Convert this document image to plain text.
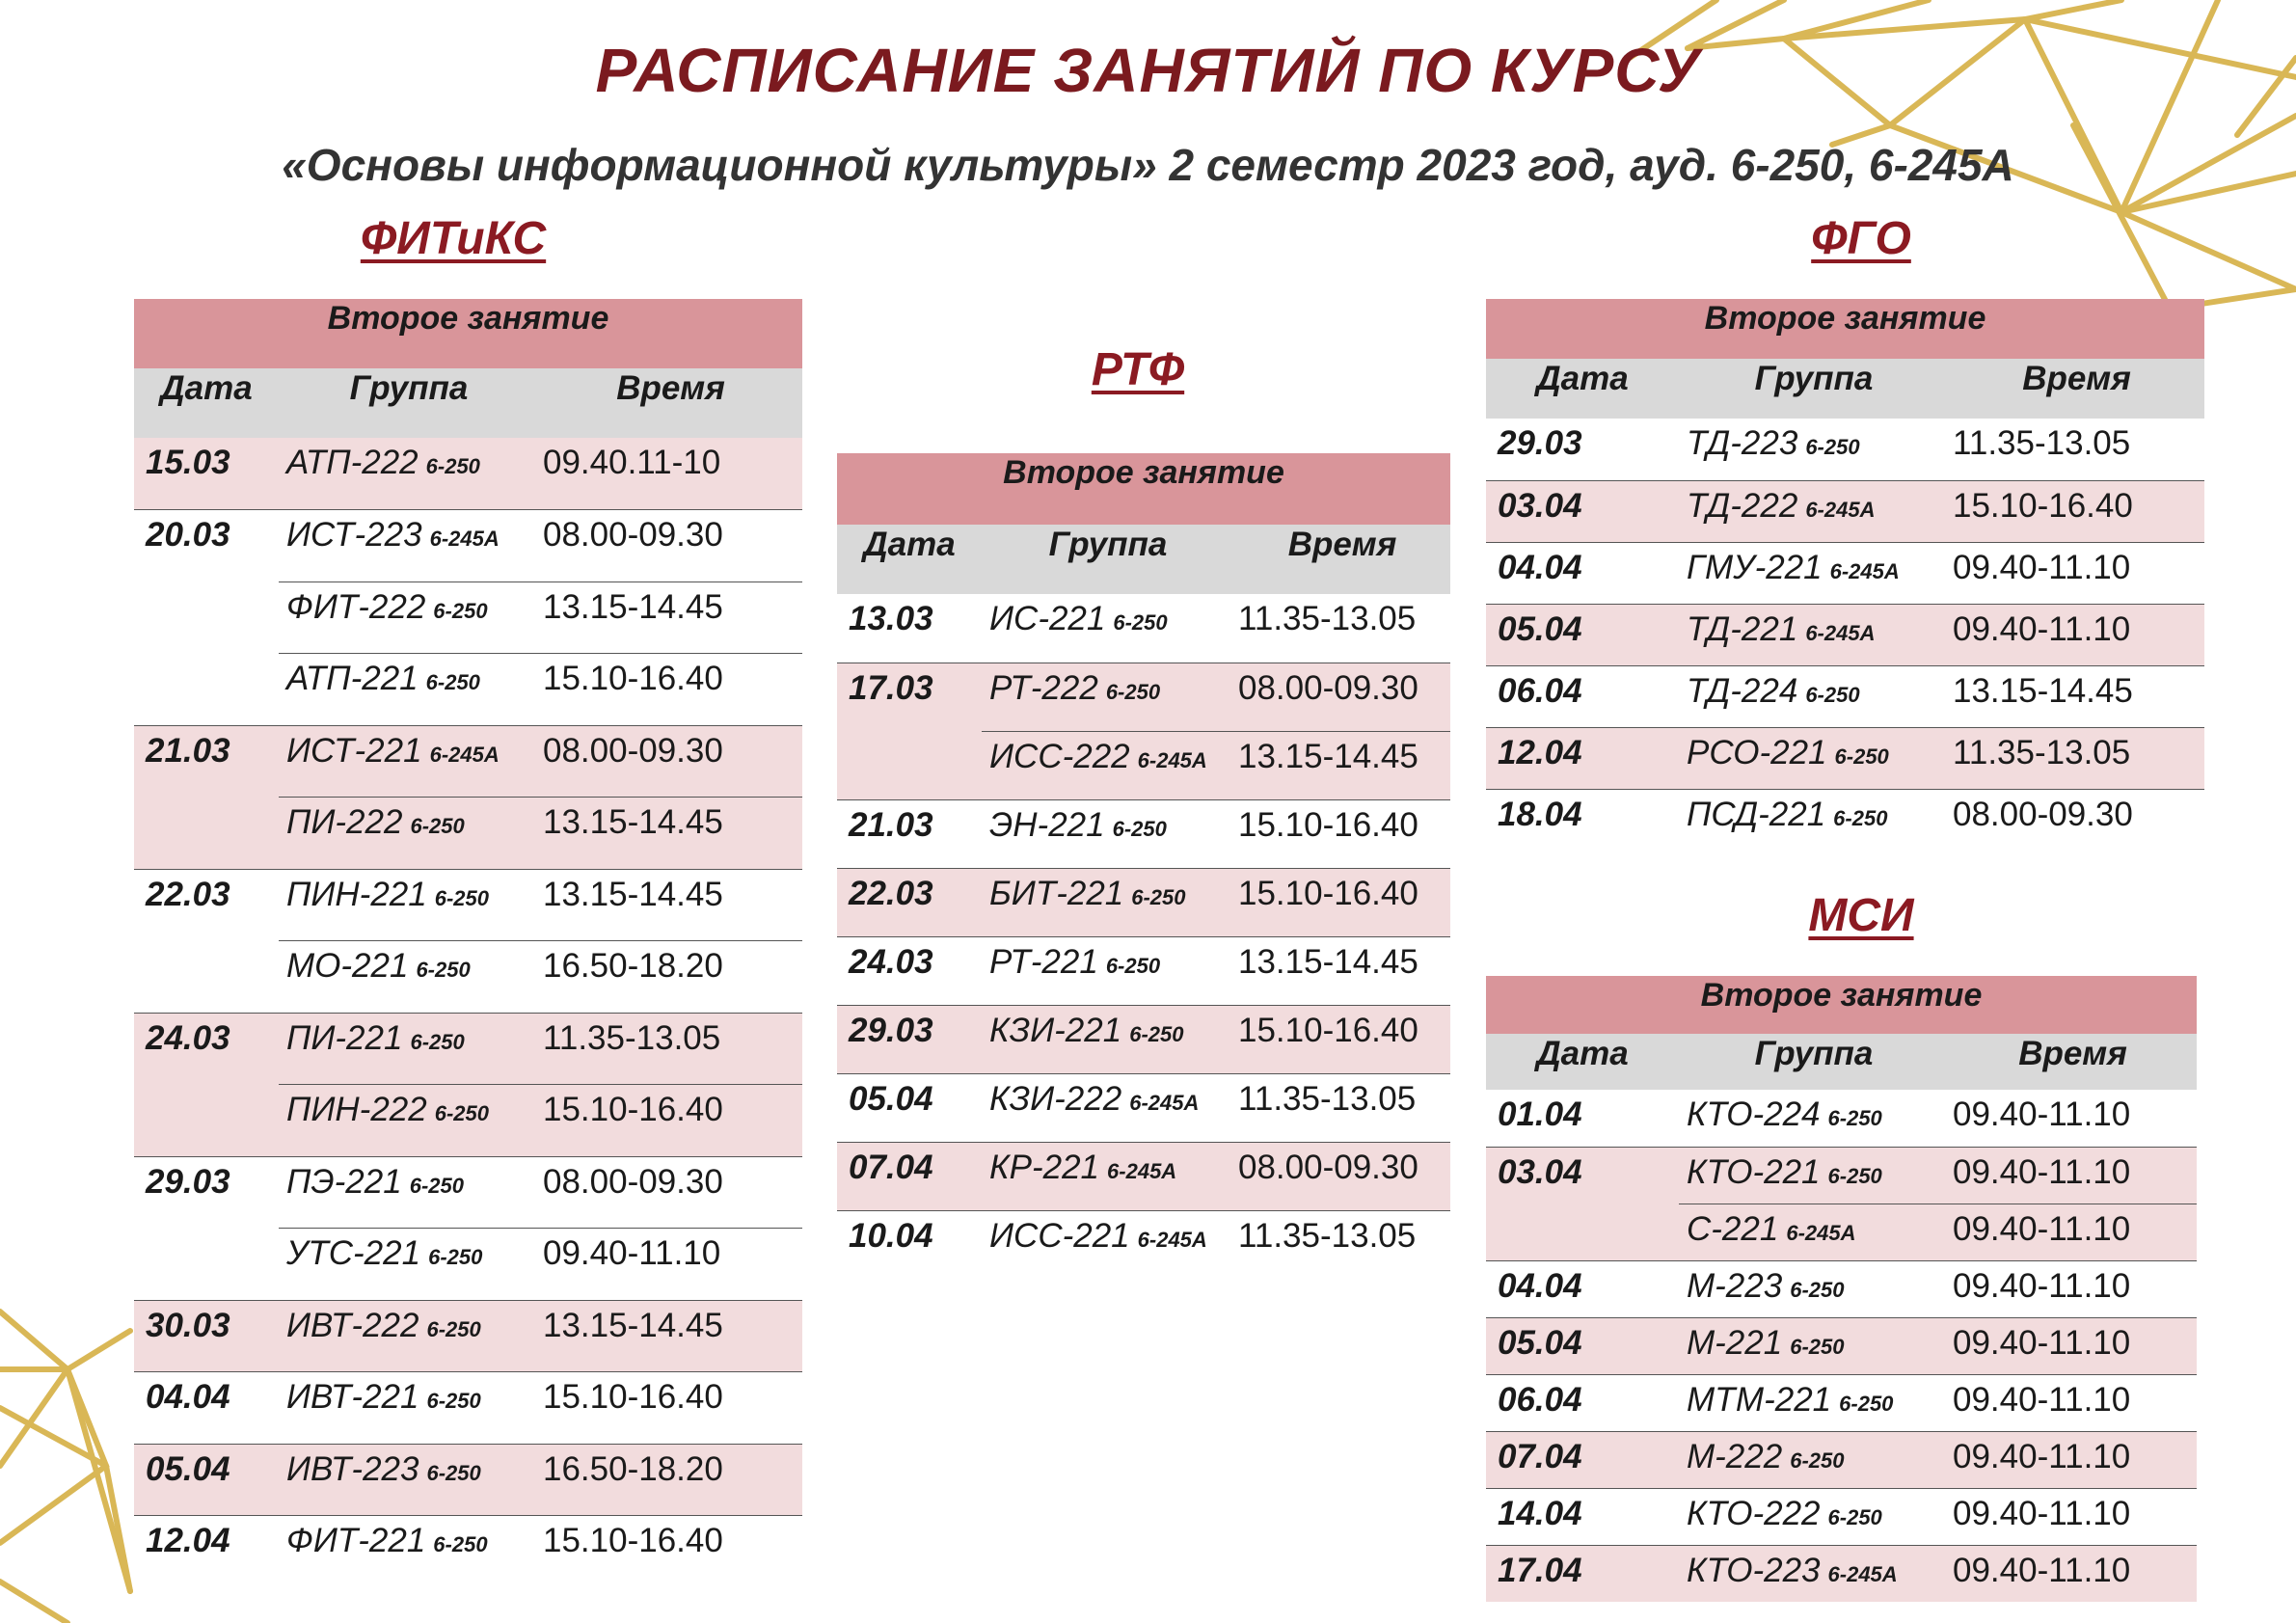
РАСПИСАНИЕ ЗАНЯТИЙ ПО КУРСУ
«Основы информационной культуры» 2 семестр 2023 год, ауд. 6-250, 6-245А
ФИТиКС
РТФ
ФГО
МСИ
Второе занятие		
Дата	Группа	Время
15.03	АТП-222 6-250	09.40.11-10
20.03	ИСТ-223 6-245А	08.00-09.30
	ФИТ-222 6-250	13.15-14.45
	АТП-221 6-250	15.10-16.40
21.03	ИСТ-221 6-245А	08.00-09.30
	ПИ-222 6-250	13.15-14.45
22.03	ПИН-221 6-250	13.15-14.45
	МО-221 6-250	16.50-18.20
24.03	ПИ-221 6-250	11.35-13.05
	ПИН-222 6-250	15.10-16.40
29.03	ПЭ-221 6-250	08.00-09.30
	УТС-221 6-250	09.40-11.10
30.03	ИВТ-222 6-250	13.15-14.45
04.04	ИВТ-221 6-250	15.10-16.40
05.04	ИВТ-223 6-250	16.50-18.20
12.04	ФИТ-221 6-250	15.10-16.40
Второе занятие		
Дата	Группа	Время
13.03	ИС-221 6-250	11.35-13.05
17.03	РТ-222 6-250	08.00-09.30
	ИСС-222 6-245А	13.15-14.45
21.03	ЭН-221 6-250	15.10-16.40
22.03	БИТ-221 6-250	15.10-16.40
24.03	РТ-221 6-250	13.15-14.45
29.03	КЗИ-221 6-250	15.10-16.40
05.04	КЗИ-222 6-245А	11.35-13.05
07.04	КР-221 6-245А	08.00-09.30
10.04	ИСС-221 6-245А	11.35-13.05
Второе занятие		
Дата	Группа	Время
29.03	ТД-223 6-250	11.35-13.05
03.04	ТД-222 6-245А	15.10-16.40
04.04	ГМУ-221 6-245А	09.40-11.10
05.04	ТД-221 6-245А	09.40-11.10
06.04	ТД-224 6-250	13.15-14.45
12.04	РСО-221 6-250	11.35-13.05
18.04	ПСД-221 6-250	08.00-09.30
Второе занятие		
Дата	Группа	Время
01.04	КТО-224 6-250	09.40-11.10
03.04	КТО-221 6-250	09.40-11.10
	С-221 6-245А	09.40-11.10
04.04	М-223 6-250	09.40-11.10
05.04	М-221 6-250	09.40-11.10
06.04	МТМ-221 6-250	09.40-11.10
07.04	М-222 6-250	09.40-11.10
14.04	КТО-222 6-250	09.40-11.10
17.04	КТО-223 6-245А	09.40-11.10
